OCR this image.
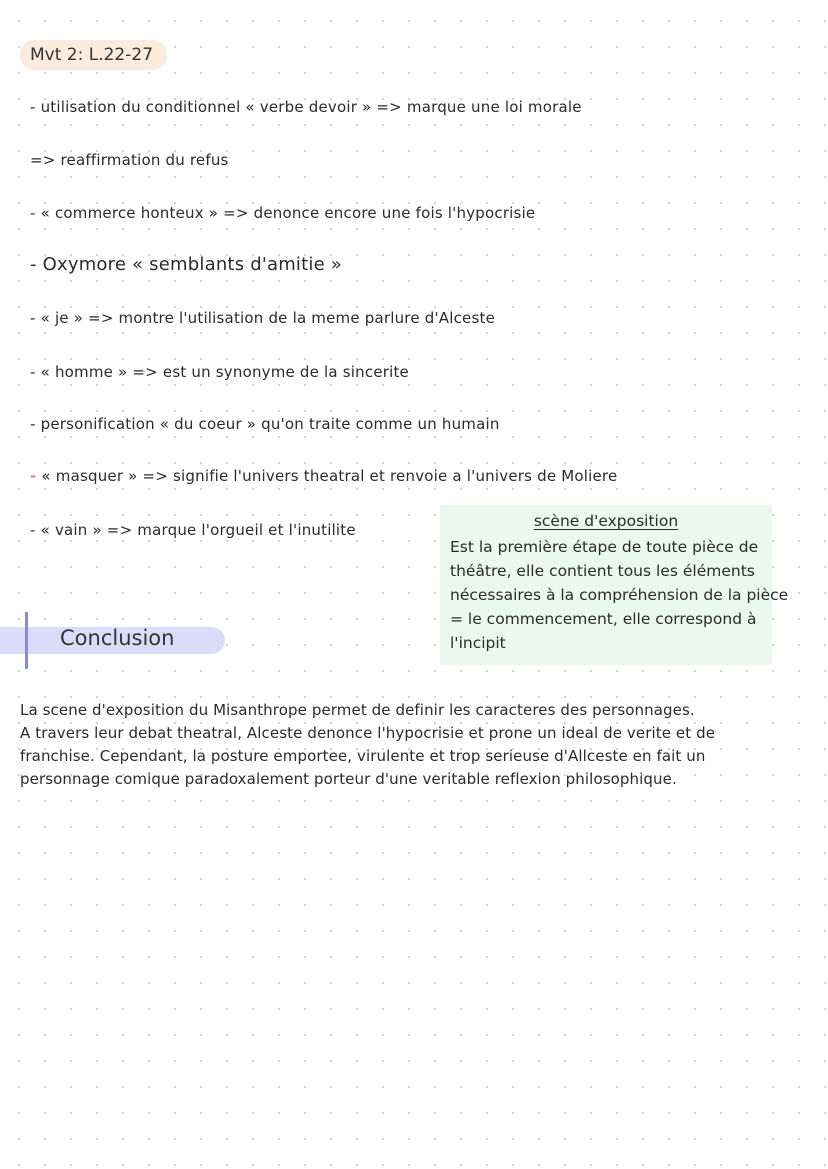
Mvt 2: L.22-27
- utilisation du conditionnel « verbe devoir » => marque une loi morale
=> reaffirmation du refus
- « commerce honteux » => denonce encore une fois l'hypocrisie
- Oxymore « semblants d'amitie »
- « je » => montre l'utilisation de la meme parlure d'Alceste
- « homme » => est un synonyme de la sincerite
- personification « du coeur » qu'on traite comme un humain
- « masquer » => signifie l'univers theatral et renvoie a l'univers de Moliere
- « vain » => marque l'orgueil et l'inutilite	scène d'exposition
Est la première étape de toute pièce de
théâtre, elle contient tous les éléments
nécessaires à la compréhension de la pièce
= le commencement, elle correspond à
l'incipit
Conclusion
La scene d'exposition du Misanthrope permet de definir les caracteres des personnages.
A travers leur debat theatral, Alceste denonce l'hypocrisie et prone un ideal de verite et de
franchise. Cependant, la posture emportee, virulente et trop serieuse d'Allceste en fait un
personnage comique paradoxalement porteur d'une veritable reflexion philosophique.
